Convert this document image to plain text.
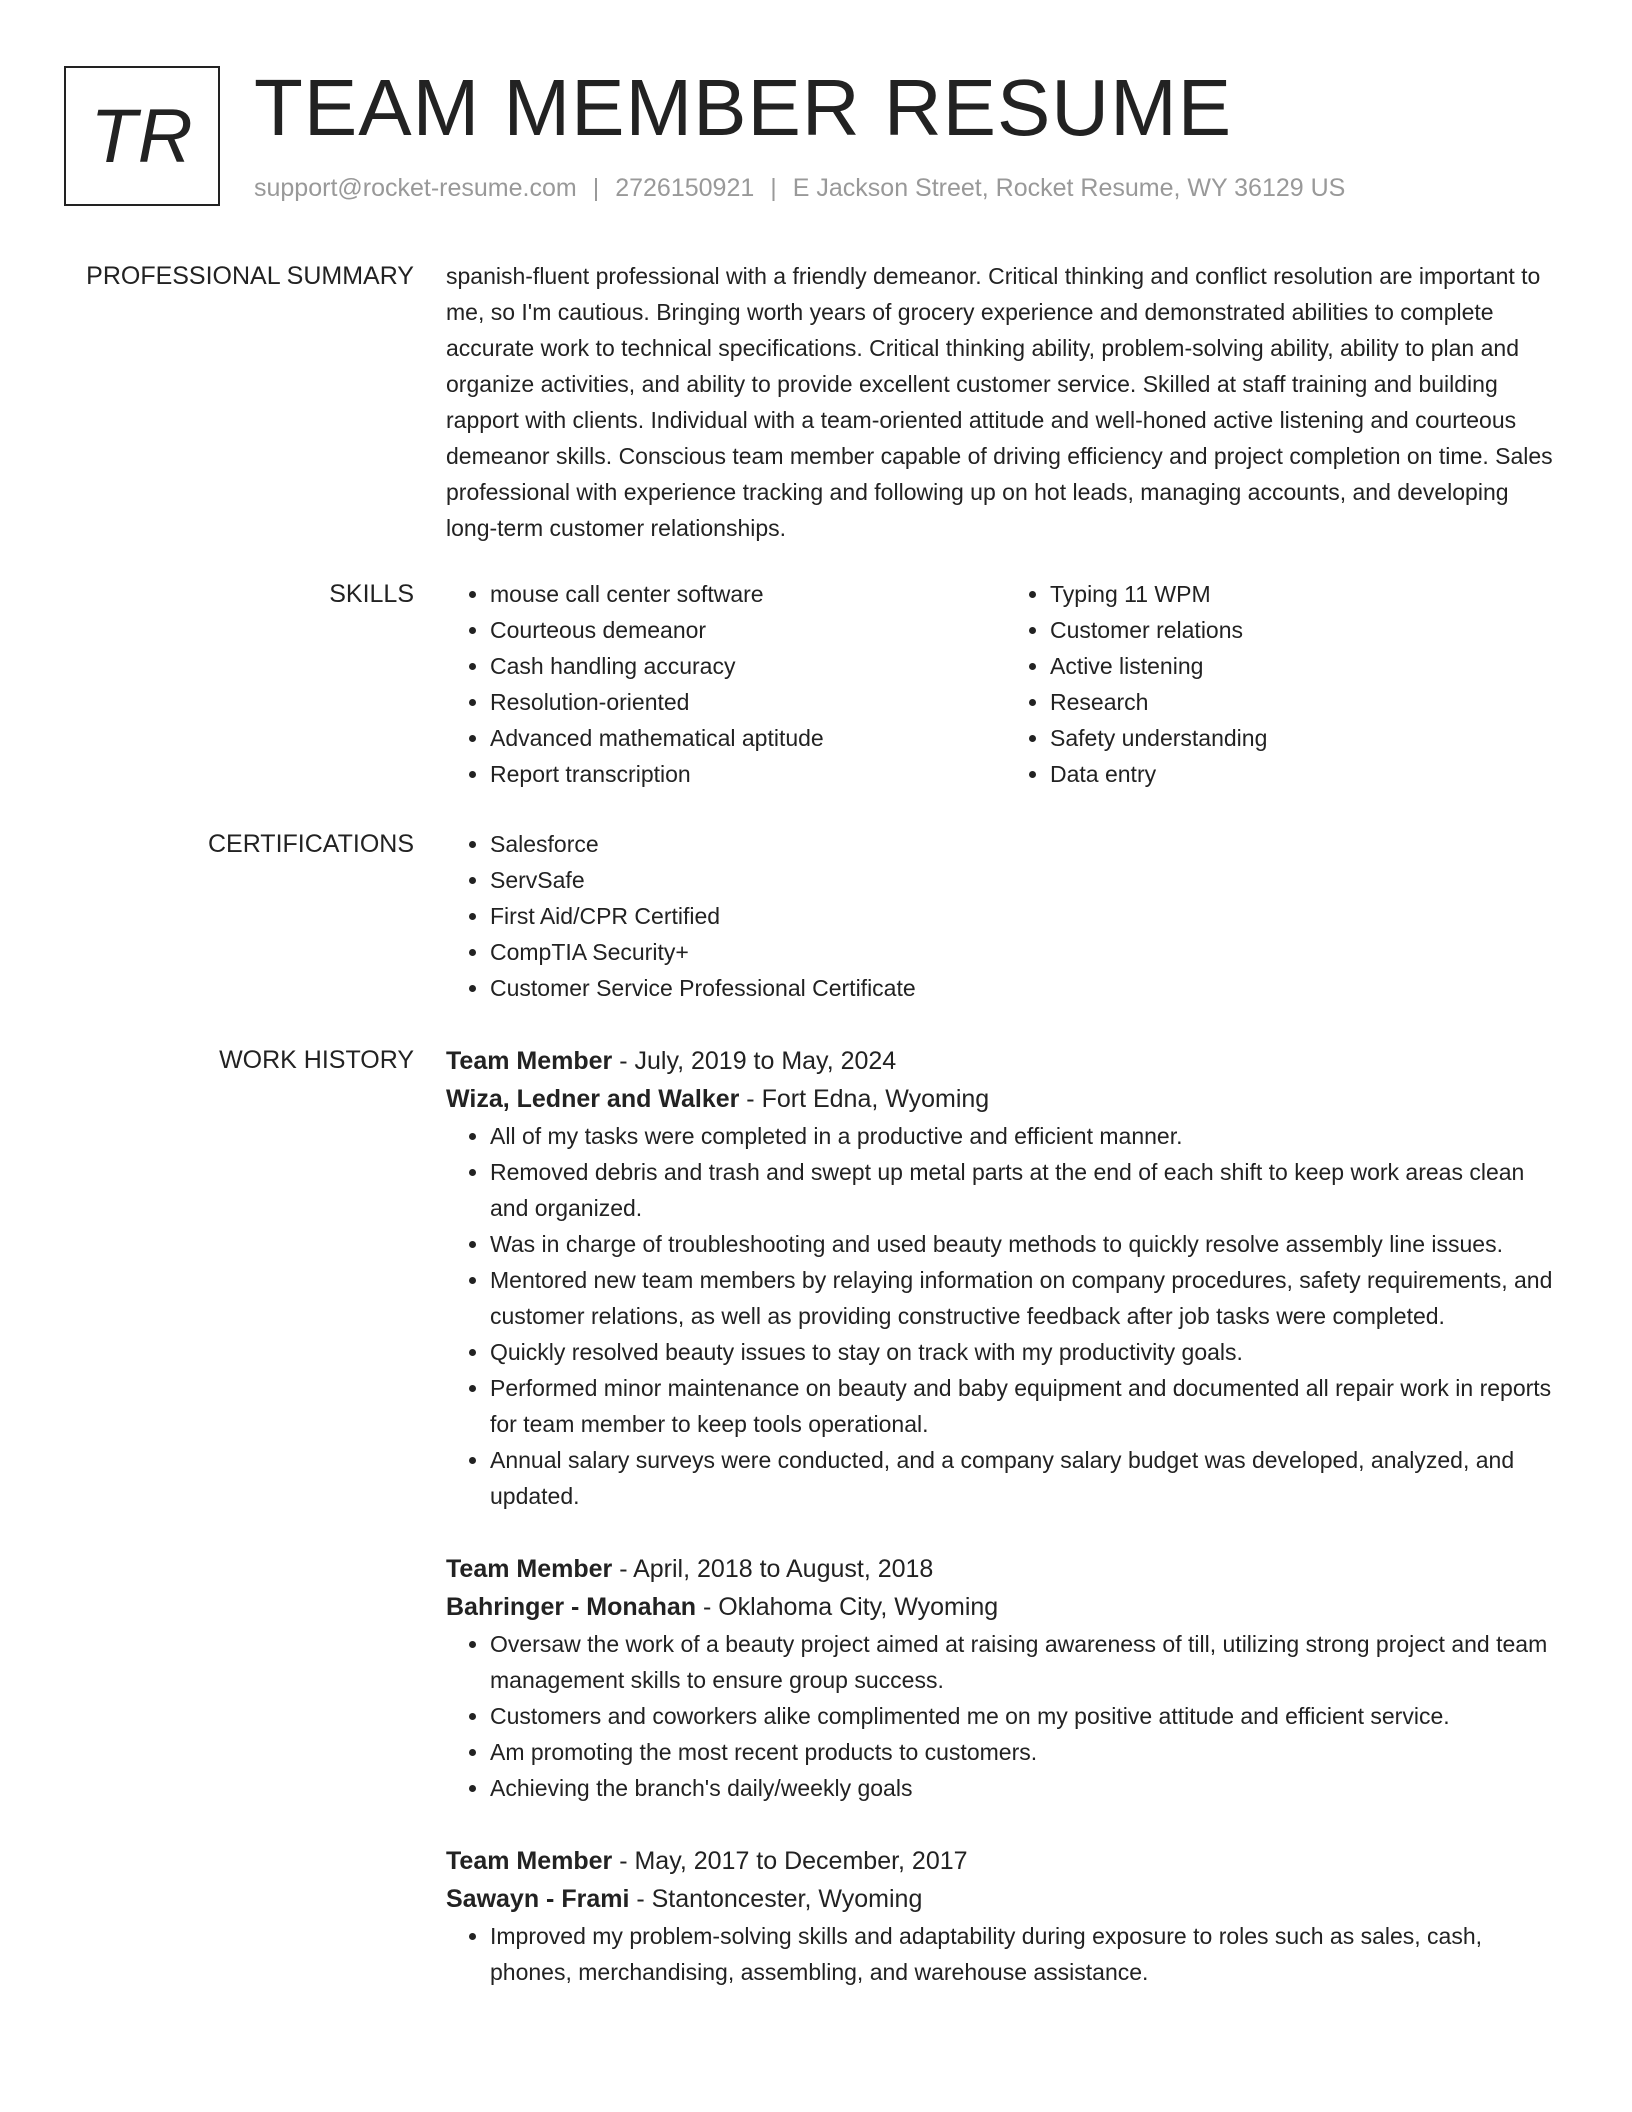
TR TEAM MEMBER RESUME
support@rocket-resume.com | 2726150921 | E Jackson Street, Rocket Resume, WY 36129 US
PROFESSIONAL SUMMARY spanish-fluent professional with a friendly demeanor. Critical thinking and conflict resolution are important to me, so I'm cautious. Bringing worth years of grocery experience and demonstrated abilities to complete accurate work to technical specifications. Critical thinking ability, problem-solving ability, ability to plan and organize activities, and ability to provide excellent customer service. Skilled at staff training and building rapport with clients. Individual with a team-oriented attitude and well-honed active listening and courteous demeanor skills. Conscious team member capable of driving efficiency and project completion on time. Sales professional with experience tracking and following up on hot leads, managing accounts, and developing long-term customer relationships.

SKILLS	• mouse call center software
• Courteous demeanor
• Cash handling accuracy
• Resolution-oriented
• Advanced mathematical aptitude
• Report transcription
• Typing 11 WPM
• Customer relations
• Active listening
• Research
• Safety understanding
• Data entry
CERTIFICATIONS	• Salesforce
• ServSafe
• First Aid/CPR Certified
• CompTIA Security+
• Customer Service Professional Certificate
WORK HISTORY Team Member - July, 2019 to May, 2024
Wiza, Ledner and Walker - Fort Edna, Wyoming
• All of my tasks were completed in a productive and efficient manner.
• Removed debris and trash and swept up metal parts at the end of each shift to keep work areas clean and organized.
• Was in charge of troubleshooting and used beauty methods to quickly resolve assembly line issues.
• Mentored new team members by relaying information on company procedures, safety requirements, and customer relations, as well as providing constructive feedback after job tasks were completed.
• Quickly resolved beauty issues to stay on track with my productivity goals.
• Performed minor maintenance on beauty and baby equipment and documented all repair work in reports for team member to keep tools operational.
• Annual salary surveys were conducted, and a company salary budget was developed, analyzed, and updated.
Team Member - April, 2018 to August, 2018
Bahringer - Monahan - Oklahoma City, Wyoming
• Oversaw the work of a beauty project aimed at raising awareness of till, utilizing strong project and team management skills to ensure group success.
• Customers and coworkers alike complimented me on my positive attitude and efficient service.
• Am promoting the most recent products to customers.
• Achieving the branch's daily/weekly goals
Team Member - May, 2017 to December, 2017
Sawayn - Frami - Stantoncester, Wyoming
• Improved my problem-solving skills and adaptability during exposure to roles such as sales, cash, phones, merchandising, assembling, and warehouse assistance.
